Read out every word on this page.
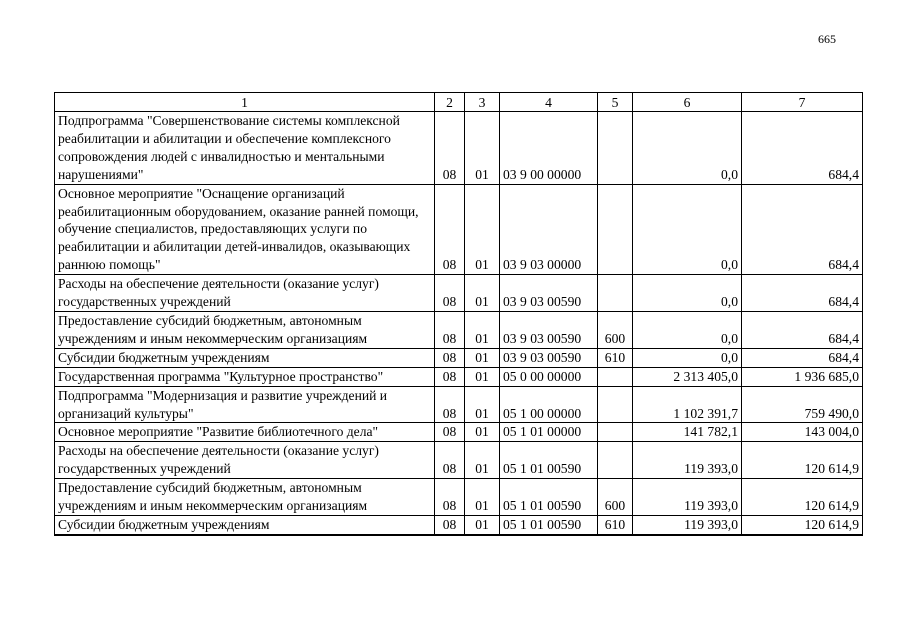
665
1	2	3	4	5	6	7
Подпрограмма "Совершенствование системы комплексной реабилитации и абилитации и обеспечение комплексного сопровождения людей с инвалидностью и ментальными нарушениями"	08	01	03 9 00 00000		0,0	684,4
Основное мероприятие "Оснащение организаций реабилитационным оборудованием, оказание ранней помощи, обучение специалистов, предоставляющих услуги по реабилитации и абилитации детей-инвалидов, оказывающих раннюю помощь"	08	01	03 9 03 00000		0,0	684,4
Расходы на обеспечение деятельности (оказание услуг) государственных учреждений	08	01	03 9 03 00590		0,0	684,4
Предоставление субсидий бюджетным, автономным учреждениям и иным некоммерческим организациям	08	01	03 9 03 00590	600	0,0	684,4
Субсидии бюджетным учреждениям	08	01	03 9 03 00590	610	0,0	684,4
Государственная программа "Культурное пространство"	08	01	05 0 00 00000		2 313 405,0	1 936 685,0
Подпрограмма "Модернизация и развитие учреждений и организаций культуры"	08	01	05 1 00 00000		1 102 391,7	759 490,0
Основное мероприятие "Развитие библиотечного дела"	08	01	05 1 01 00000		141 782,1	143 004,0
Расходы на обеспечение деятельности (оказание услуг) государственных учреждений	08	01	05 1 01 00590		119 393,0	120 614,9
Предоставление субсидий бюджетным, автономным учреждениям и иным некоммерческим организациям	08	01	05 1 01 00590	600	119 393,0	120 614,9
Субсидии бюджетным учреждениям	08	01	05 1 01 00590	610	119 393,0	120 614,9
